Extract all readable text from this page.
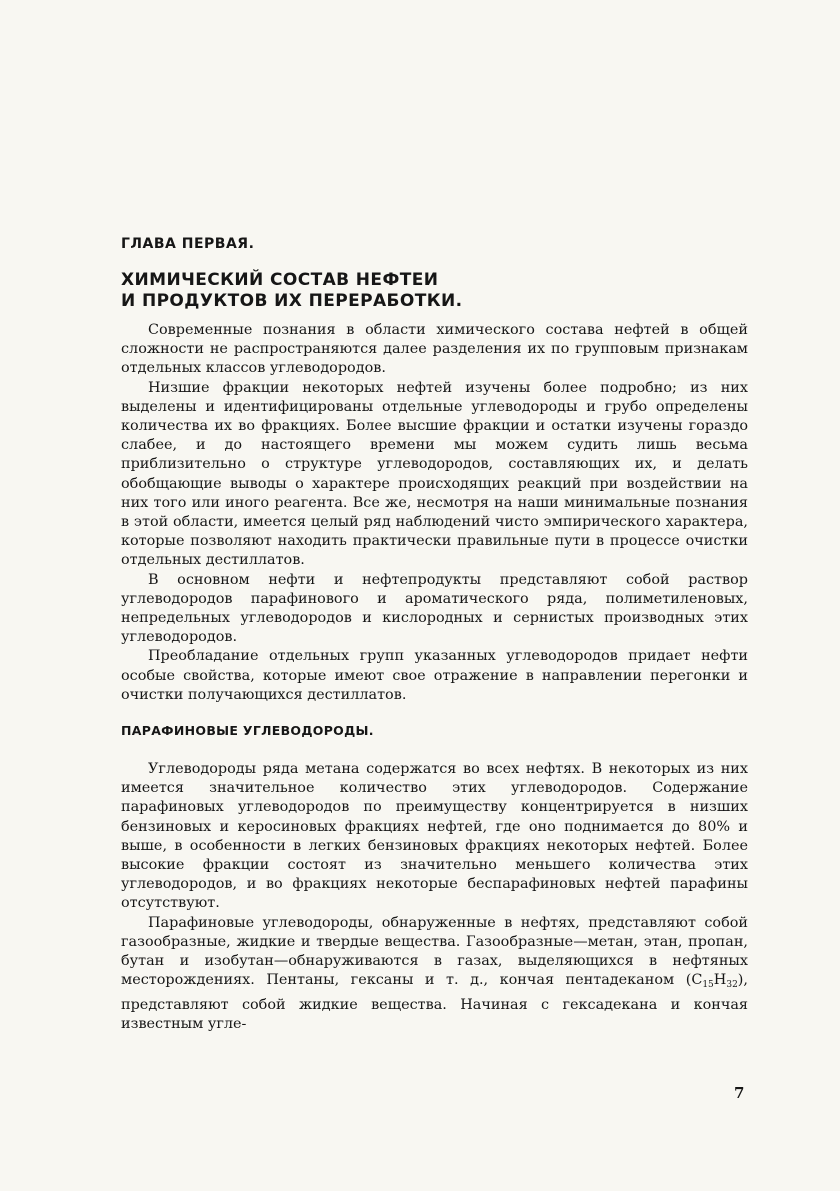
ГЛАВА ПЕРВАЯ.
ХИМИЧЕСКИЙ СОСТАВ НЕФТЕИ
И ПРОДУКТОВ ИХ ПЕРЕРАБОТКИ.

Современные познания в области химического состава нефтей в общей сложности не распространяются далее разделения их по групповым признакам отдельных классов углеводородов.

Низшие фракции некоторых нефтей изучены более подробно; из них выделены и идентифицированы отдельные углеводороды и грубо определены количества их во фракциях. Более высшие фракции и остатки изучены гораздо слабее, и до настоящего времени мы можем судить лишь весьма приблизительно о структуре углеводородов, составляющих их, и делать обобщающие выводы о характере происходящих реакций при воздействии на них того или иного реагента. Все же, несмотря на наши минимальные познания в этой области, имеется целый ряд наблюдений чисто эмпирического характера, которые позволяют находить практически правильные пути в процессе очистки отдельных дестиллатов.

В основном нефти и нефтепродукты представляют собой раствор углеводородов парафинового и ароматического ряда, полиметиленовых, непредельных углеводородов и кислородных и сернистых производных этих углеводородов.

Преобладание отдельных групп указанных углеводородов придает нефти особые свойства, которые имеют свое отражение в направлении перегонки и очистки получающихся дестиллатов.

ПАРАФИНОВЫЕ УГЛЕВОДОРОДЫ.

Углеводороды ряда метана содержатся во всех нефтях. В некоторых из них имеется значительное количество этих углеводородов. Содержание парафиновых углеводородов по преимуществу концентрируется в низших бензиновых и керосиновых фракциях нефтей, где оно поднимается до 80% и выше, в особенности в легких бензиновых фракциях некоторых нефтей. Более высокие фракции состоят из значительно меньшего количества этих углеводородов, и во фракциях некоторые беспарафиновых нефтей парафины отсутствуют.

Парафиновые углеводороды, обнаруженные в нефтях, представляют собой газообразные, жидкие и твердые вещества. Газообразные—метан, этан, пропан, бутан и изобутан—обнаруживаются в газах, выделяющихся в нефтяных месторождениях. Пентаны, гексаны и т. д., кончая пентадеканом $(C_{15}H_{32})$, представляют собой жидкие вещества. Начиная с гексадекана и кончая известным угле-

7
